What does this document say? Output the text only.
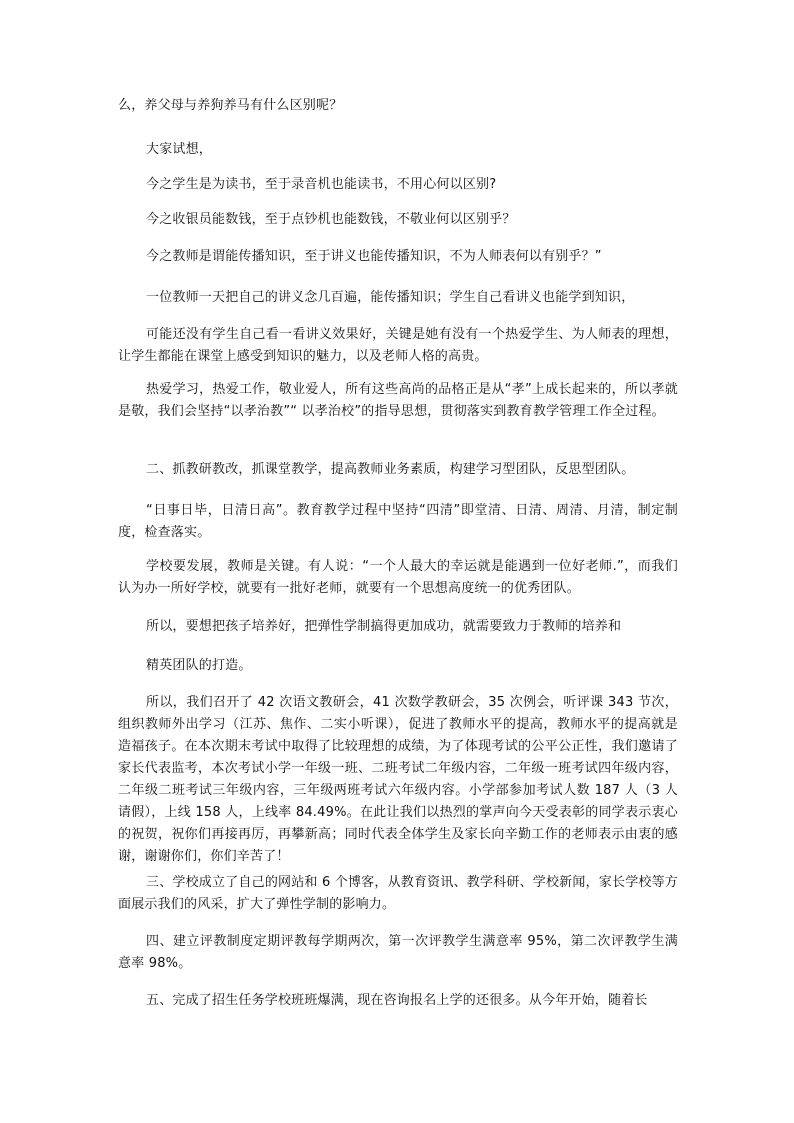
么，养父母与养狗养马有什么区别呢？

大家试想，

今之学生是为读书，至于录音机也能读书，不用心何以区别?

今之收银员能数钱，至于点钞机也能数钱，不敬业何以区别乎？

今之教师是谓能传播知识，至于讲义也能传播知识，不为人师表何以有别乎？”

一位教师一天把自己的讲义念几百遍，能传播知识；学生自己看讲义也能学到知识，

可能还没有学生自己看一看讲义效果好，关键是她有没有一个热爱学生、为人师表的理想，让学生都能在课堂上感受到知识的魅力，以及老师人格的高贵。

热爱学习，热爱工作，敬业爱人，所有这些高尚的品格正是从“孝”上成长起来的，所以孝就是敬，我们会坚持“以孝治教”“ 以孝治校”的指导思想，贯彻落实到教育教学管理工作全过程。

二、抓教研教改，抓课堂教学，提高教师业务素质，构建学习型团队，反思型团队。

“日事日毕，日清日高”。教育教学过程中坚持“四清”即堂清、日清、周清、月清，制定制度，检查落实。

学校要发展，教师是关键。有人说：“一个人最大的幸运就是能遇到一位好老师.”，而我们认为办一所好学校，就要有一批好老师，就要有一个思想高度统一的优秀团队。

所以，要想把孩子培养好，把弹性学制搞得更加成功，就需要致力于教师的培养和

精英团队的打造。

所以，我们召开了 42 次语文教研会，41 次数学教研会，35 次例会，听评课 343 节次，组织教师外出学习（江苏、焦作、二实小听课），促进了教师水平的提高，教师水平的提高就是造福孩子。在本次期末考试中取得了比较理想的成绩，为了体现考试的公平公正性，我们邀请了家长代表监考，本次考试小学一年级一班、二班考试二年级内容，二年级一班考试四年级内容，二年级二班考试三年级内容，三年级两班考试六年级内容。小学部参加考试人数 187 人（3 人请假），上线 158 人，上线率 84.49%。在此让我们以热烈的掌声向今天受表彰的同学表示衷心的祝贺，祝你们再接再厉，再攀新高；同时代表全体学生及家长向辛勤工作的老师表示由衷的感谢，谢谢你们，你们辛苦了！

三、学校成立了自己的网站和 6 个博客，从教育资讯、教学科研、学校新闻，家长学校等方面展示我们的风采，扩大了弹性学制的影响力。

四、建立评教制度定期评教每学期两次，第一次评教学生满意率 95%，第二次评教学生满意率 98%。

五、完成了招生任务学校班班爆满，现在咨询报名上学的还很多。从今年开始，随着长
